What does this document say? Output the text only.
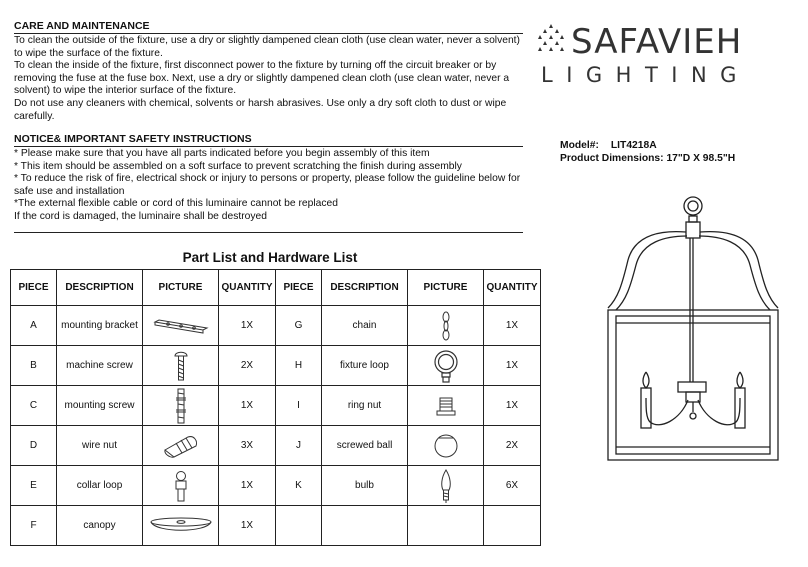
CARE AND MAINTENANCE

To clean the outside of the fixture, use a dry or slightly dampened clean cloth (use clean water, never a solvent) to wipe the surface of the fixture.

To clean the inside of the fixture, first disconnect power to the fixture by turning off the circuit breaker or by removing the fuse at the fuse box. Next, use a dry or slightly dampened clean cloth (use clean water, never a solvent) to wipe the interior surface of the fixture.

Do not use any cleaners with chemical, solvents or harsh abrasives. Use only a dry soft cloth to dust or wipe carefully.

NOTICE& IMPORTANT SAFETY INSTRUCTIONS

* Please make sure that you have all parts indicated before you begin assembly of this item

* This item should be assembled on a soft surface to prevent scratching the finish during assembly

* To reduce the risk of fire, electrical shock or injury to persons or property, please follow the guideline below for safe use and installation

*The external flexible cable or cord of this luminaire cannot be replaced

If the cord is damaged, the luminaire shall be destroyed

SAFAVIEH
LIGHTING
Model#: LIT4218A
Product Dimensions: 17"D X 98.5"H
Part List and Hardware List
PIECE	DESCRIPTION	PICTURE	QUANTITY	PIECE	DESCRIPTION	PICTURE	QUANTITY
A	mounting bracket		1X	G	chain		1X
B	machine screw		2X	H	fixture loop		1X
C	mounting screw		1X	I	ring nut		1X
D	wire nut		3X	J	screwed ball		2X
E	collar loop		1X	K	bulb		6X
F	canopy		1X				
